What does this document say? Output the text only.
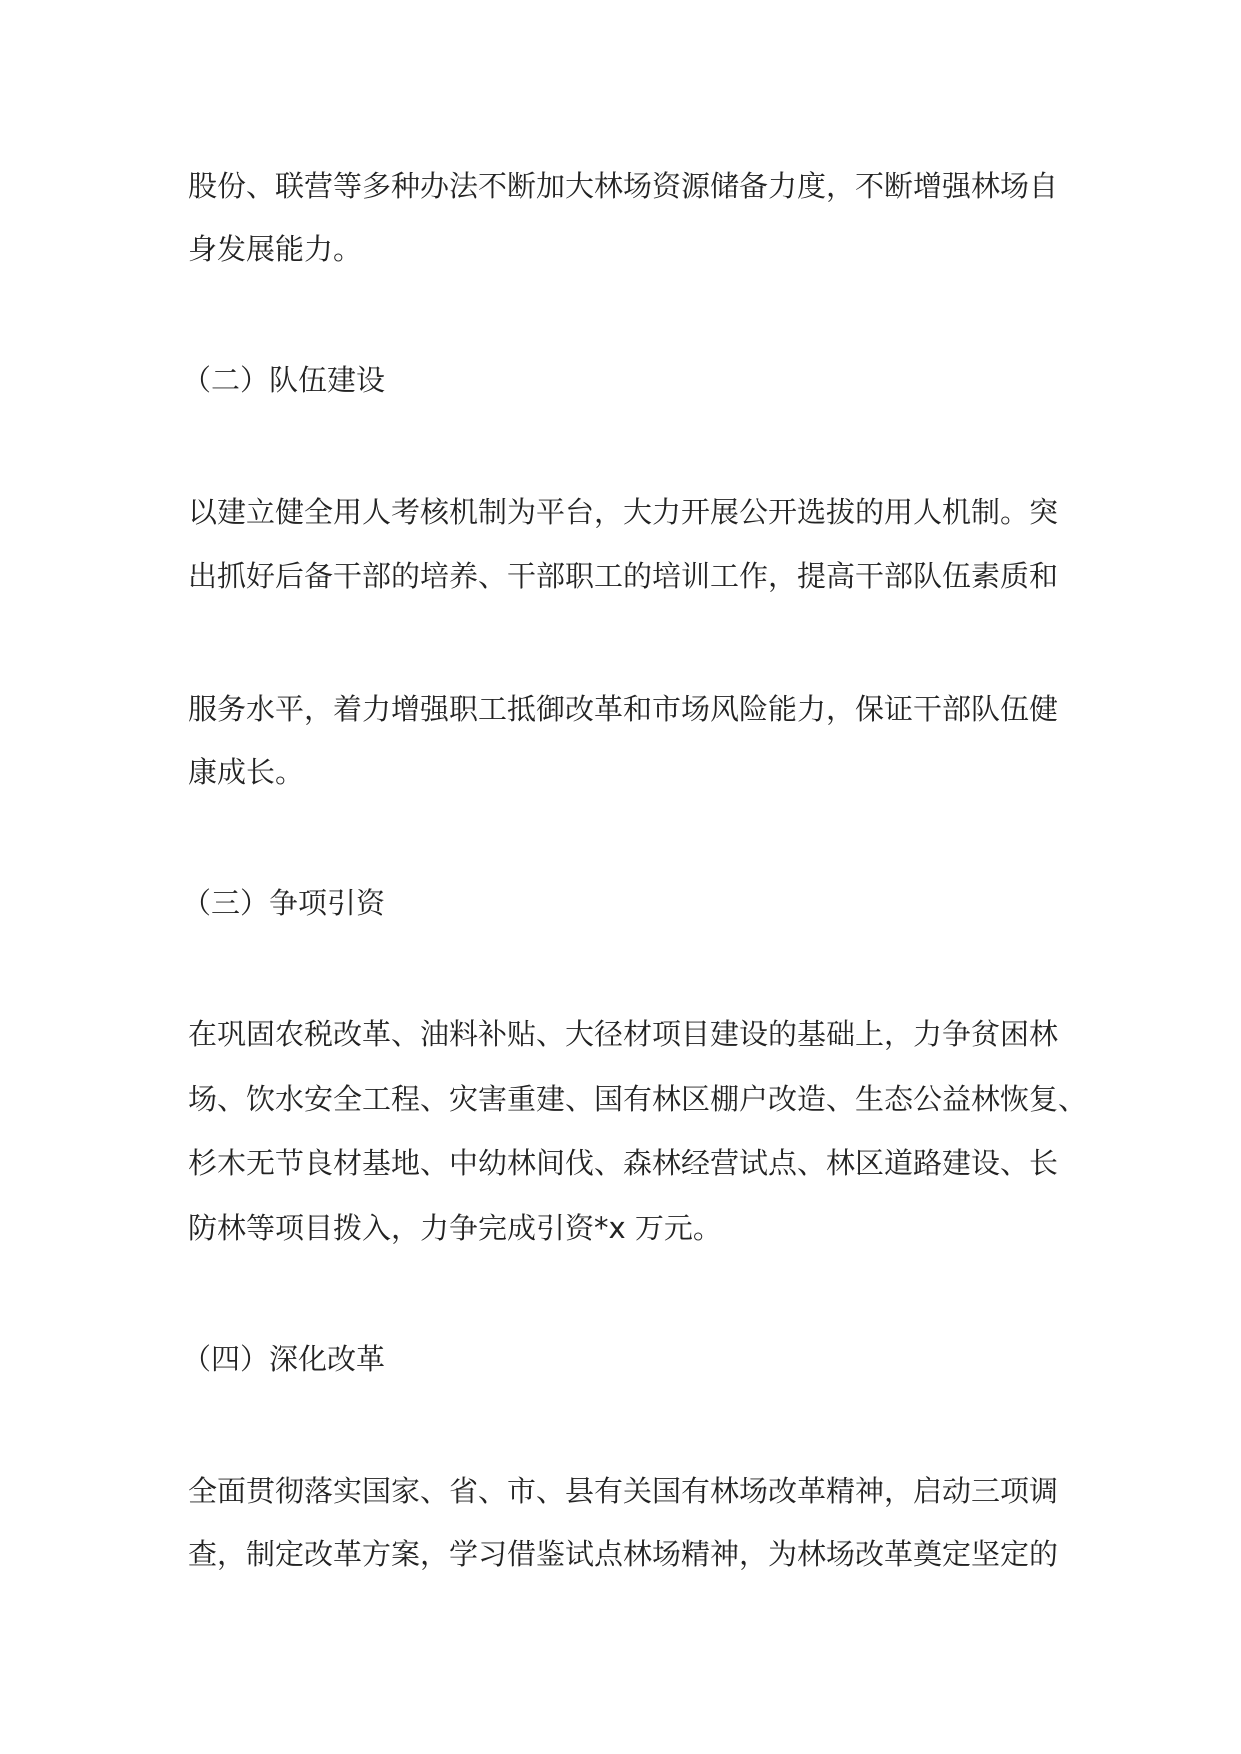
股份、联营等多种办法不断加大林场资源储备力度，不断增强林场自

身发展能力。

（二）队伍建设

以建立健全用人考核机制为平台，大力开展公开选拔的用人机制。突

出抓好后备干部的培养、干部职工的培训工作，提高干部队伍素质和

服务水平，着力增强职工抵御改革和市场风险能力，保证干部队伍健

康成长。

（三）争项引资

在巩固农税改革、油料补贴、大径材项目建设的基础上，力争贫困林

场、饮水安全工程、灾害重建、国有林区棚户改造、生态公益林恢复、

杉木无节良材基地、中幼林间伐、森林经营试点、林区道路建设、长

防林等项目拨入，力争完成引资*x 万元。

（四）深化改革

全面贯彻落实国家、省、市、县有关国有林场改革精神，启动三项调

查，制定改革方案，学习借鉴试点林场精神，为林场改革奠定坚定的
